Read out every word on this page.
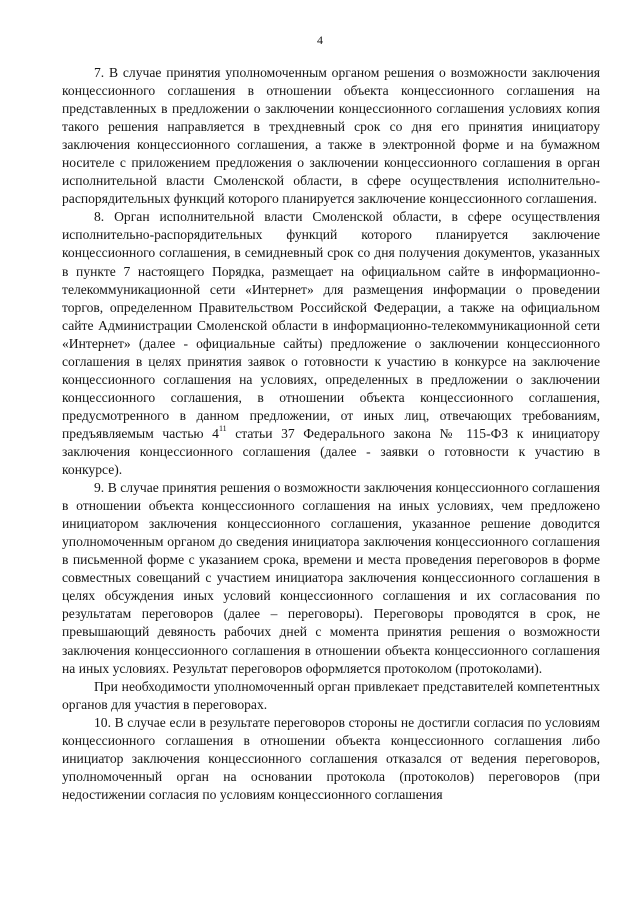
4

7. В случае принятия уполномоченным органом решения о возможности заключения концессионного соглашения в отношении объекта концессионного соглашения на представленных в предложении о заключении концессионного соглашения условиях копия такого решения направляется в трехдневный срок со дня его принятия инициатору заключения концессионного соглашения, а также в электронной форме и на бумажном носителе с приложением предложения о заключении концессионного соглашения в орган исполнительной власти Смоленской области, в сфере осуществления исполнительно-распорядительных функций которого планируется заключение концессионного соглашения.

8. Орган исполнительной власти Смоленской области, в сфере осуществления исполнительно-распорядительных функций которого планируется заключение концессионного соглашения, в семидневный срок со дня получения документов, указанных в пункте 7 настоящего Порядка, размещает на официальном сайте в информационно-телекоммуникационной сети «Интернет» для размещения информации о проведении торгов, определенном Правительством Российской Федерации, а также на официальном сайте Администрации Смоленской области в информационно-телекоммуникационной сети «Интернет» (далее - официальные сайты) предложение о заключении концессионного соглашения в целях принятия заявок о готовности к участию в конкурсе на заключение концессионного соглашения на условиях, определенных в предложении о заключении концессионного соглашения, в отношении объекта концессионного соглашения, предусмотренного в данном предложении, от иных лиц, отвечающих требованиям, предъявляемым частью 4$^{11}$ статьи 37 Федерального закона № 115-ФЗ к инициатору заключения концессионного соглашения (далее - заявки о готовности к участию в конкурсе).

9. В случае принятия решения о возможности заключения концессионного соглашения в отношении объекта концессионного соглашения на иных условиях, чем предложено инициатором заключения концессионного соглашения, указанное решение доводится уполномоченным органом до сведения инициатора заключения концессионного соглашения в письменной форме с указанием срока, времени и места проведения переговоров в форме совместных совещаний с участием инициатора заключения концессионного соглашения в целях обсуждения иных условий концессионного соглашения и их согласования по результатам переговоров (далее – переговоры). Переговоры проводятся в срок, не превышающий девяность рабочих дней с момента принятия решения о возможности заключения концессионного соглашения в отношении объекта концессионного соглашения на иных условиях. Результат переговоров оформляется протоколом (протоколами).

При необходимости уполномоченный орган привлекает представителей компетентных органов для участия в переговорах.

10. В случае если в результате переговоров стороны не достигли согласия по условиям концессионного соглашения в отношении объекта концессионного соглашения либо инициатор заключения концессионного соглашения отказался от ведения переговоров, уполномоченный орган на основании протокола (протоколов) переговоров (при недостижении согласия по условиям концессионного соглашения
